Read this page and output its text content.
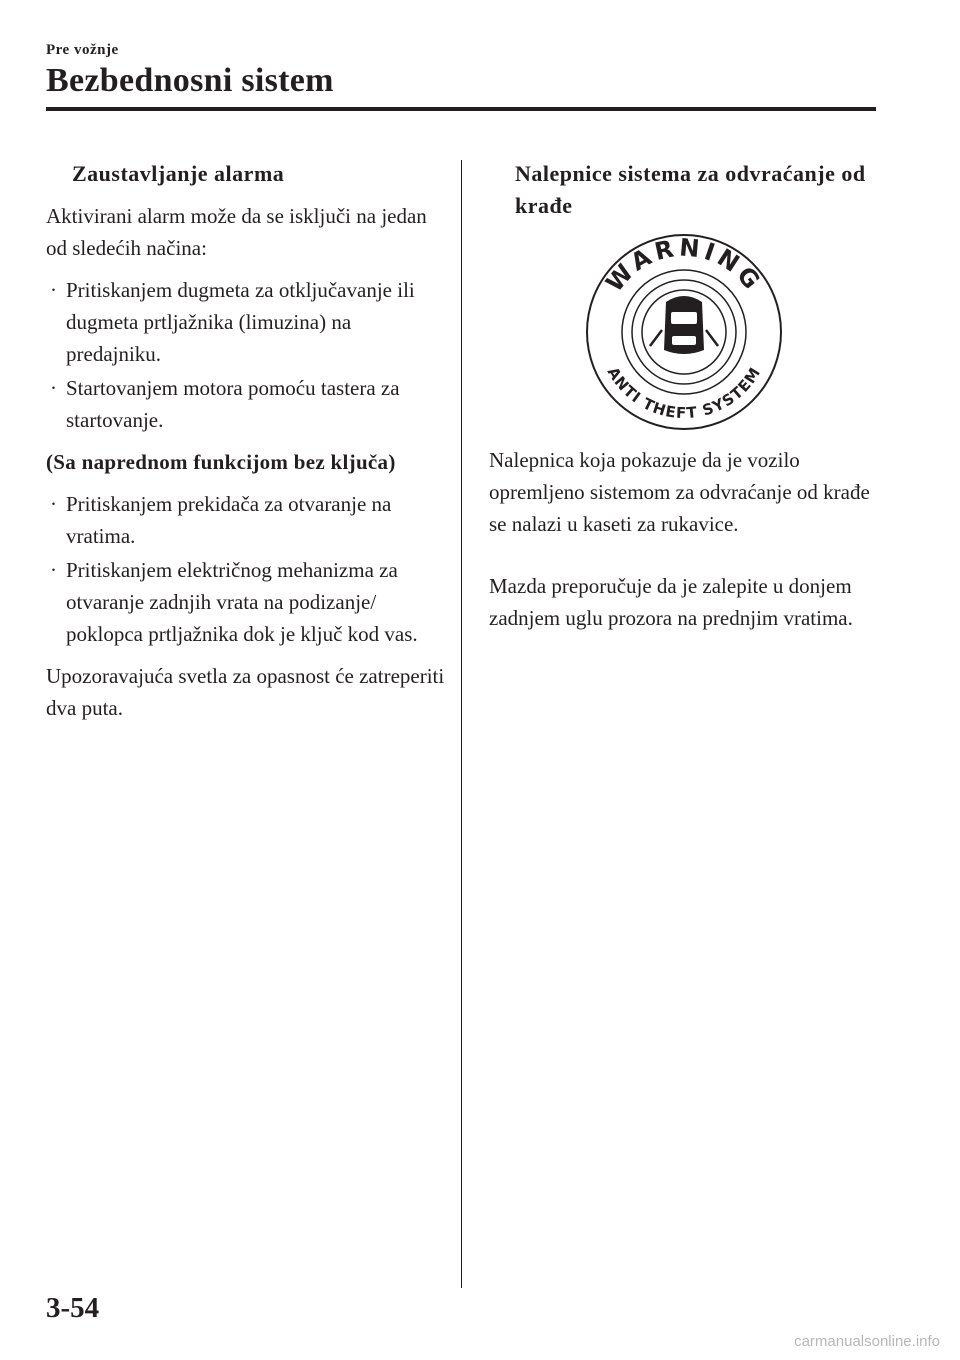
Pre vožnje
Bezbednosni sistem
Zaustavljanje alarma

Aktivirani alarm može da se isključi na jedan od sledećih načina:

· Pritiskanjem dugmeta za otključavanje ili dugmeta prtljažnika (limuzina) na predajniku.
· Startovanjem motora pomoću tastera za startovanje.
(Sa naprednom funkcijom bez ključa)
· Pritiskanjem prekidača za otvaranje na vratima.
· Pritiskanjem električnog mehanizma za otvaranje zadnjih vrata na podizanje/ poklopca prtljažnika dok je ključ kod vas.

Upozoravajuća svetla za opasnost će zatreperiti dva puta.

Nalepnice sistema za odvraćanje od krađe
WARNING
ANTI THEFT SYSTEM

Nalepnica koja pokazuje da je vozilo opremljeno sistemom za odvraćanje od krađe se nalazi u kaseti za rukavice.

Mazda preporučuje da je zalepite u donjem zadnjem uglu prozora na prednjim vratima.

3-54
carmanualsonline.info
